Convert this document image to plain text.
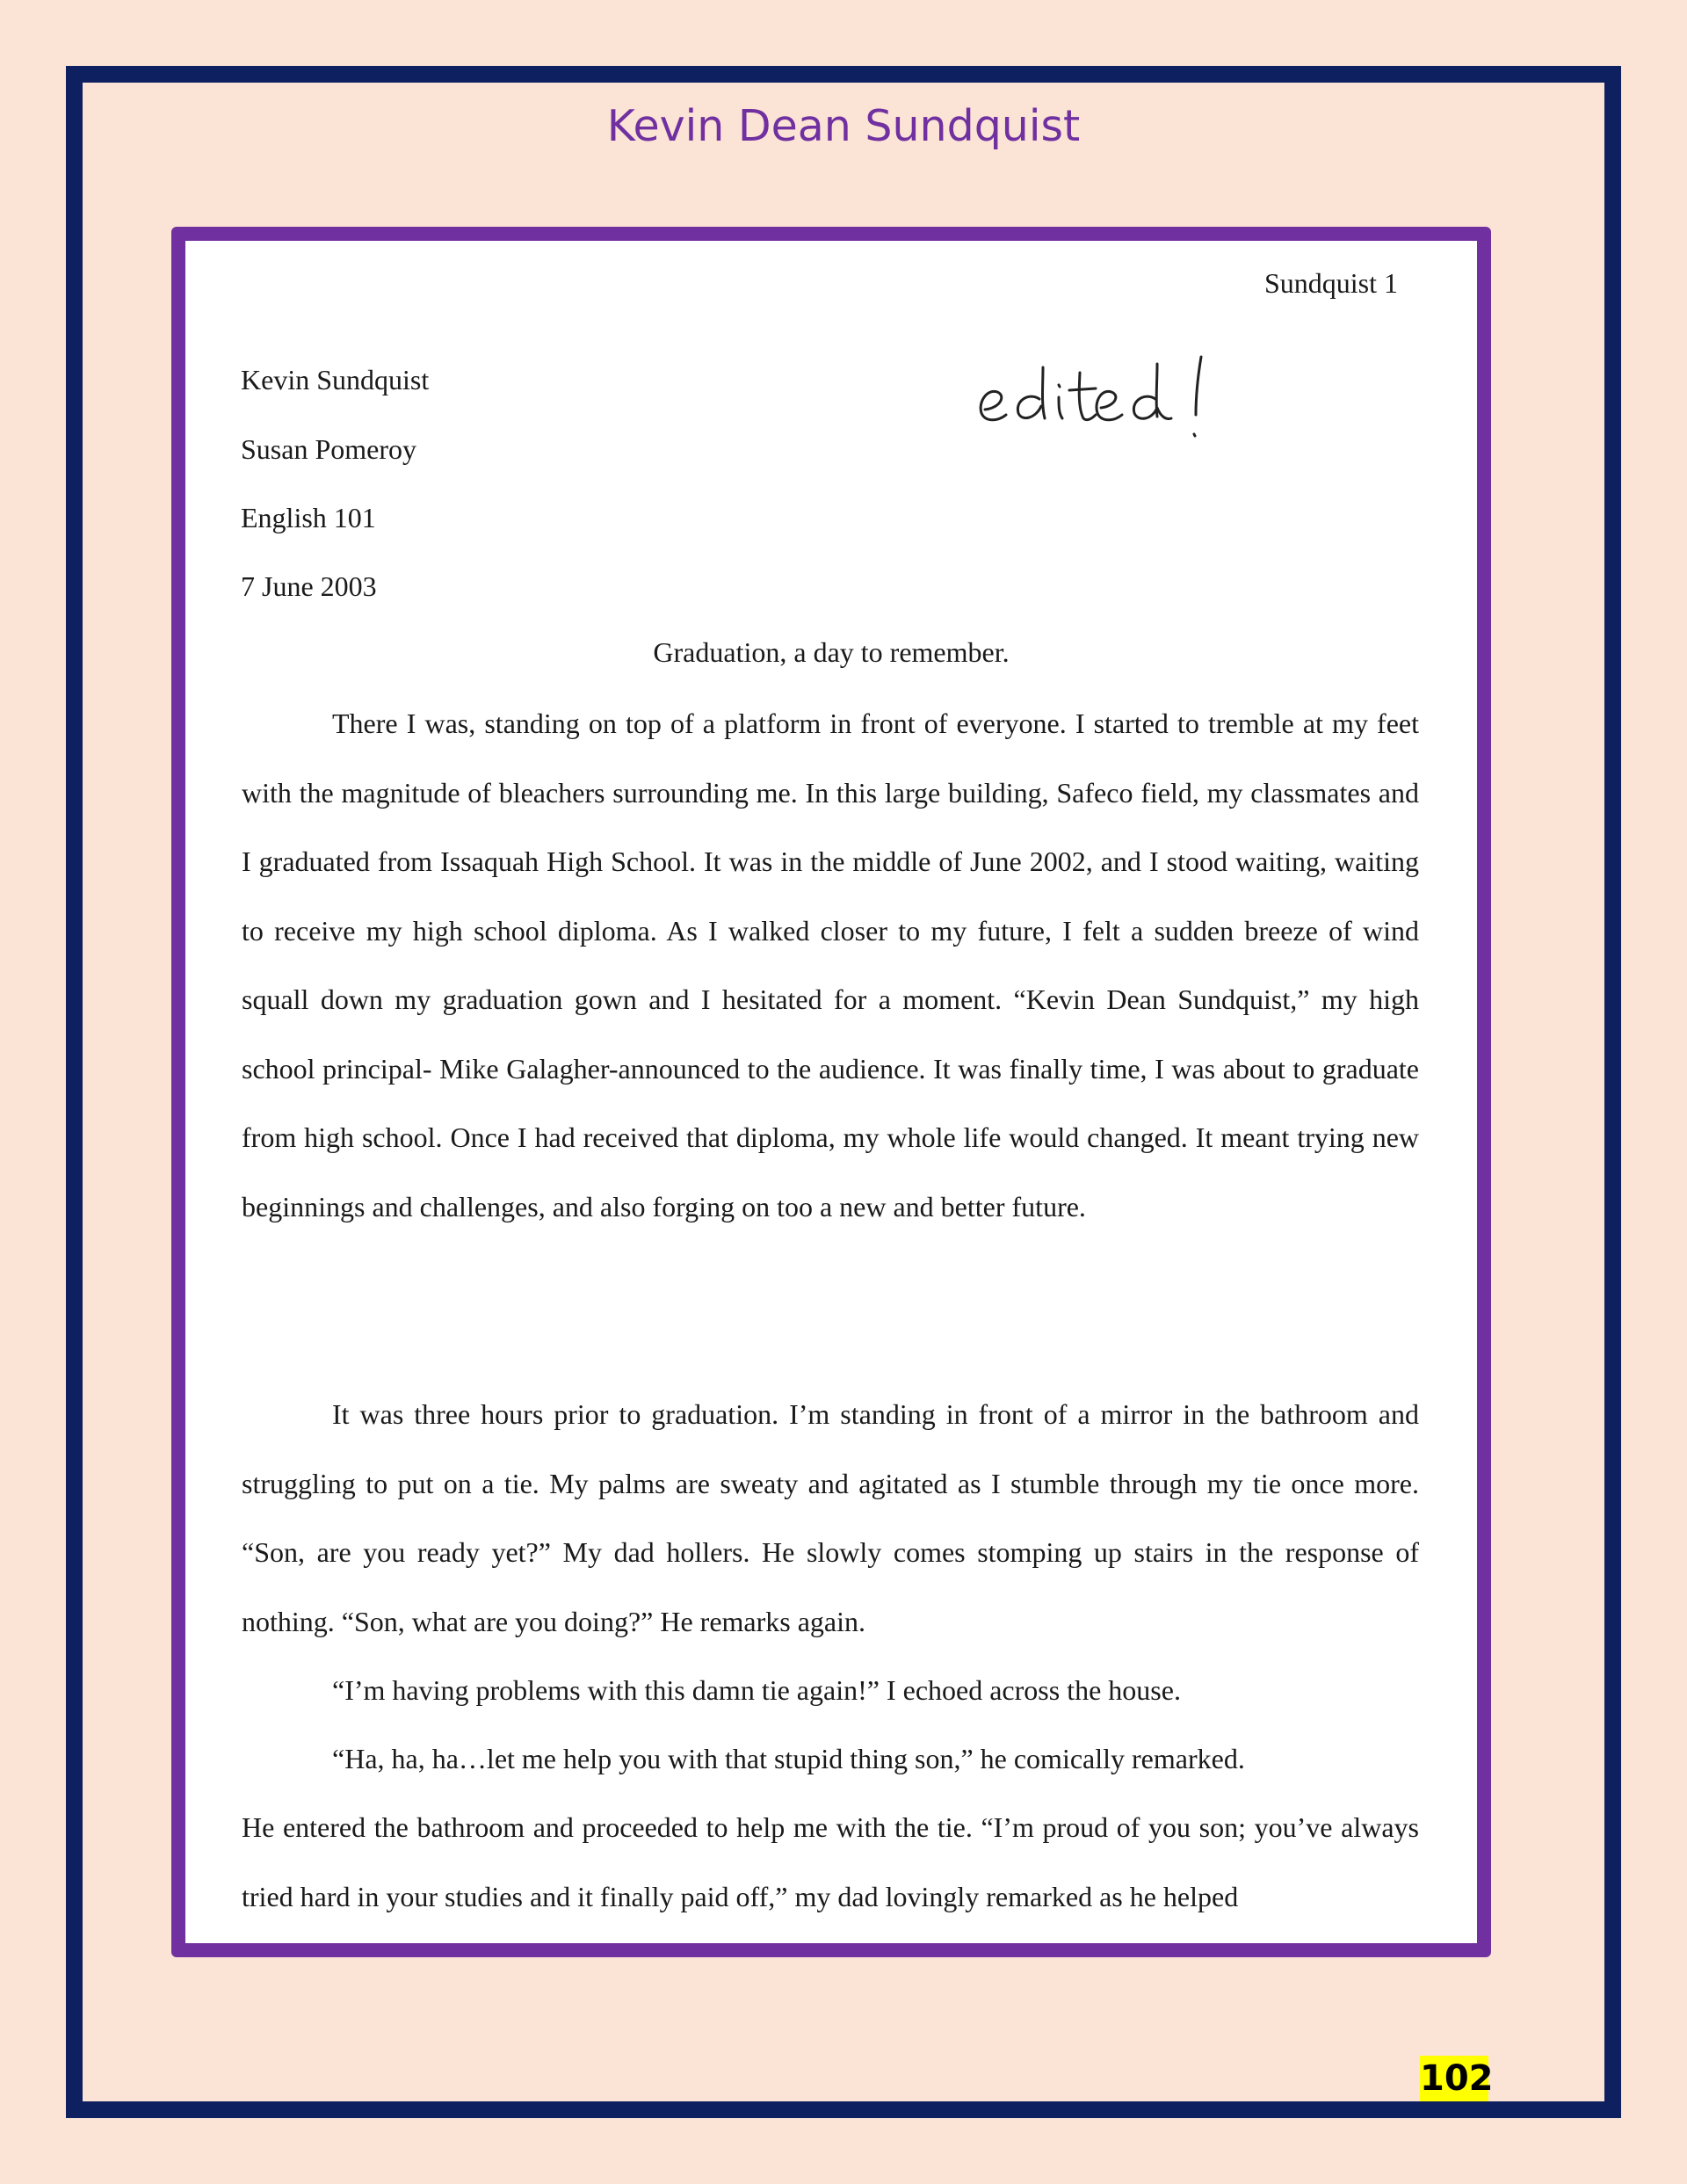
Kevin Dean Sundquist
Sundquist 1
Kevin Sundquist
Susan Pomeroy
English 101
7 June 2003
Graduation, a day to remember.

There I was, standing on top of a platform in front of everyone. I started to tremble at my feet with the magnitude of bleachers surrounding me. In this large building, Safeco field, my classmates and I graduated from Issaquah High School. It was in the middle of June 2002, and I stood waiting, waiting to receive my high school diploma. As I walked closer to my future, I felt a sudden breeze of wind squall down my graduation gown and I hesitated for a moment. “Kevin Dean Sundquist,” my high school principal- Mike Galagher-announced to the audience. It was finally time, I was about to graduate from high school. Once I had received that diploma, my whole life would changed. It meant trying new beginnings and challenges, and also forging on too a new and better future.

It was three hours prior to graduation. I’m standing in front of a mirror in the bathroom and struggling to put on a tie. My palms are sweaty and agitated as I stumble through my tie once more. “Son, are you ready yet?” My dad hollers. He slowly comes stomping up stairs in the response of nothing. “Son, what are you doing?” He remarks again.

“I’m having problems with this damn tie again!” I echoed across the house.

“Ha, ha, ha…let me help you with that stupid thing son,” he comically remarked.

He entered the bathroom and proceeded to help me with the tie. “I’m proud of you son; you’ve always tried hard in your studies and it finally paid off,” my dad lovingly remarked as he helped

102
